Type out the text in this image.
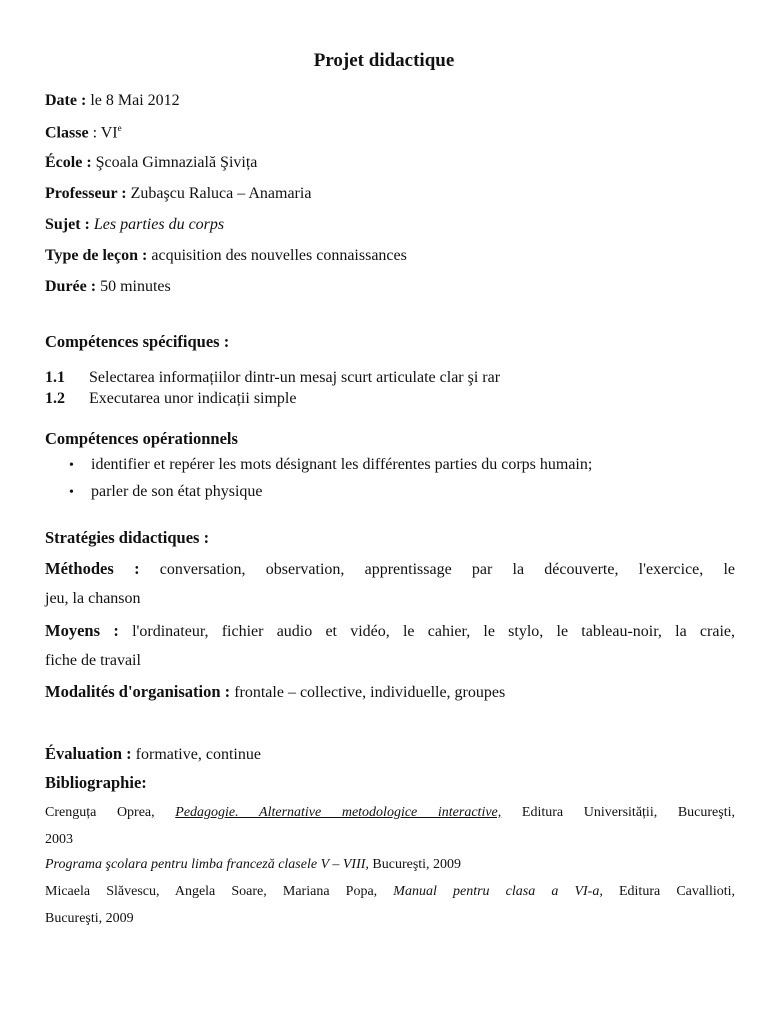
Projet didactique
Date : le 8 Mai 2012
Classe : VIe
École : Şcoala Gimnazială Şivița
Professeur : Zubaşcu Raluca – Anamaria
Sujet : Les parties du corps
Type de leçon : acquisition des nouvelles connaissances
Durée : 50 minutes
Compétences spécifiques :
1.1 Selectarea informațiilor dintr-un mesaj scurt articulate clar şi rar
1.2 Executarea unor indicații simple
Compétences opérationnels
• identifier et repérer les mots désignant les différentes parties du corps humain;
• parler de son état physique
Stratégies didactiques :
Méthodes : conversation, observation, apprentissage par la découverte, l'exercice, le
jeu, la chanson
Moyens : l'ordinateur, fichier audio et vidéo, le cahier, le stylo, le tableau-noir, la craie,
fiche de travail
Modalités d'organisation : frontale – collective, individuelle, groupes
Évaluation : formative, continue
Bibliographie:
Crenguța Oprea, Pedagogie. Alternative metodologice interactive, Editura Universității, Bucureşti,
2003
Programa şcolara pentru limba franceză clasele V – VIII, Bucureşti, 2009
Micaela Slăvescu, Angela Soare, Mariana Popa, Manual pentru clasa a VI-a, Editura Cavallioti,
Bucureşti, 2009
